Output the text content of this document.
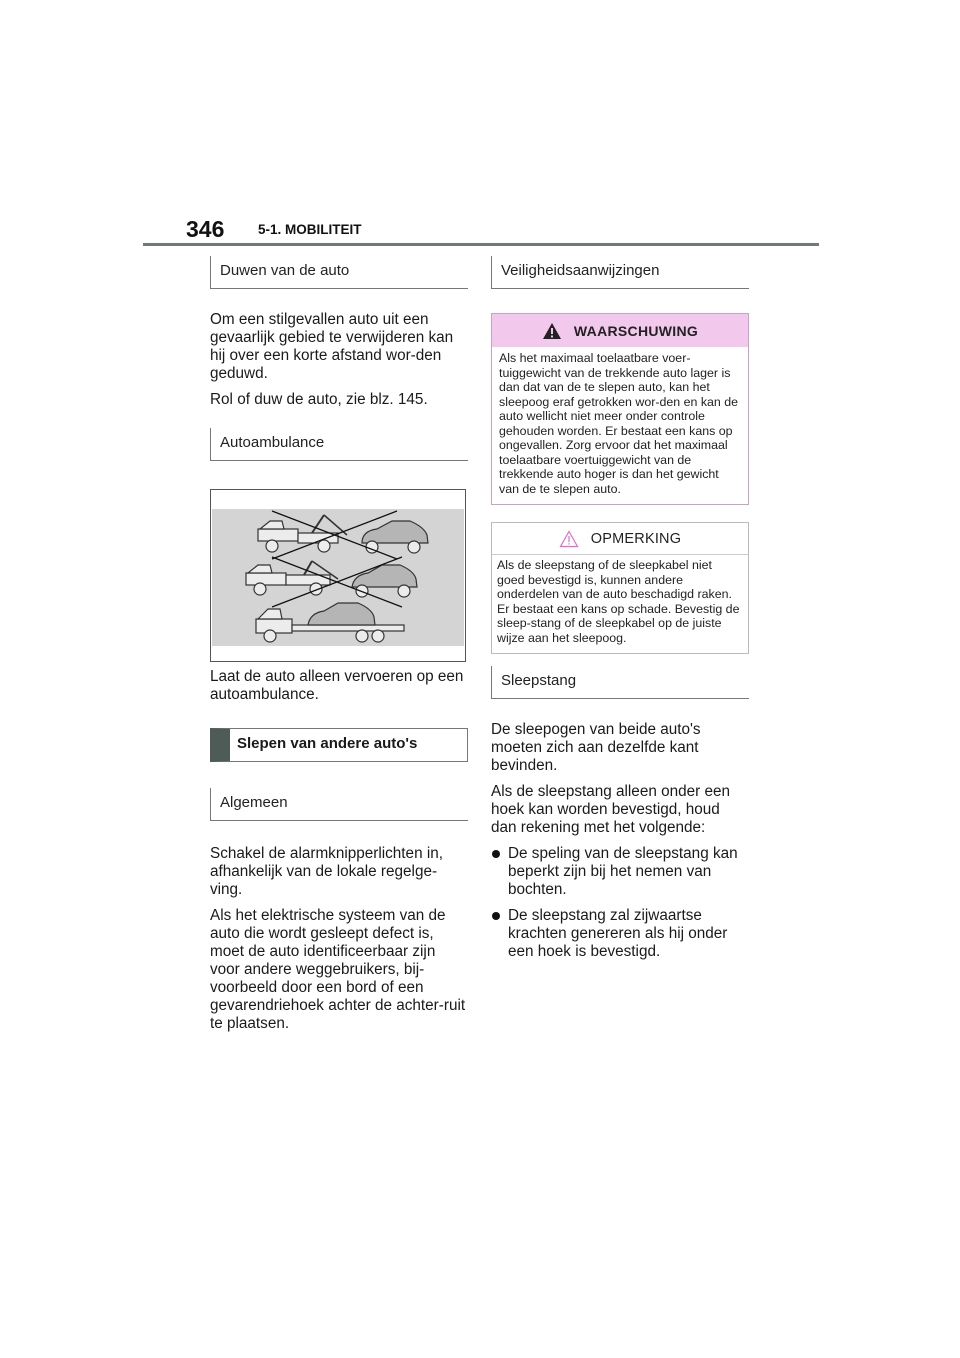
346 5-1. MOBILITEIT
Duwen van de auto

Om een stilgevallen auto uit een gevaarlijk gebied te verwijderen kan hij over een korte afstand wor-den geduwd.

Rol of duw de auto, zie blz. 145.

Autoambulance

Laat de auto alleen vervoeren op een autoambulance.

Slepen van andere auto's
Algemeen

Schakel de alarmknipperlichten in, afhankelijk van de lokale regelge-ving.

Als het elektrische systeem van de auto die wordt gesleept defect is, moet de auto identificeerbaar zijn voor andere weggebruikers, bij-voorbeeld door een bord of een gevarendriehoek achter de achter-ruit te plaatsen.

Veiligheidsaanwijzingen
WAARSCHUWING
Als het maximaal toelaatbare voer-tuiggewicht van de trekkende auto lager is dan dat van de te slepen auto, kan het sleepoog eraf getrokken wor-den en kan de auto wellicht niet meer onder controle gehouden worden. Er bestaat een kans op ongevallen. Zorg ervoor dat het maximaal toelaatbare voertuiggewicht van de trekkende auto hoger is dan het gewicht van de te slepen auto.
OPMERKING
Als de sleepstang of de sleepkabel niet goed bevestigd is, kunnen andere onderdelen van de auto beschadigd raken. Er bestaat een kans op schade. Bevestig de sleep-stang of de sleepkabel op de juiste wijze aan het sleepoog.
Sleepstang

De sleepogen van beide auto's moeten zich aan dezelfde kant bevinden.

Als de sleepstang alleen onder een hoek kan worden bevestigd, houd dan rekening met het volgende:

De speling van de sleepstang kan beperkt zijn bij het nemen van bochten.
De sleepstang zal zijwaartse krachten genereren als hij onder een hoek is bevestigd.
